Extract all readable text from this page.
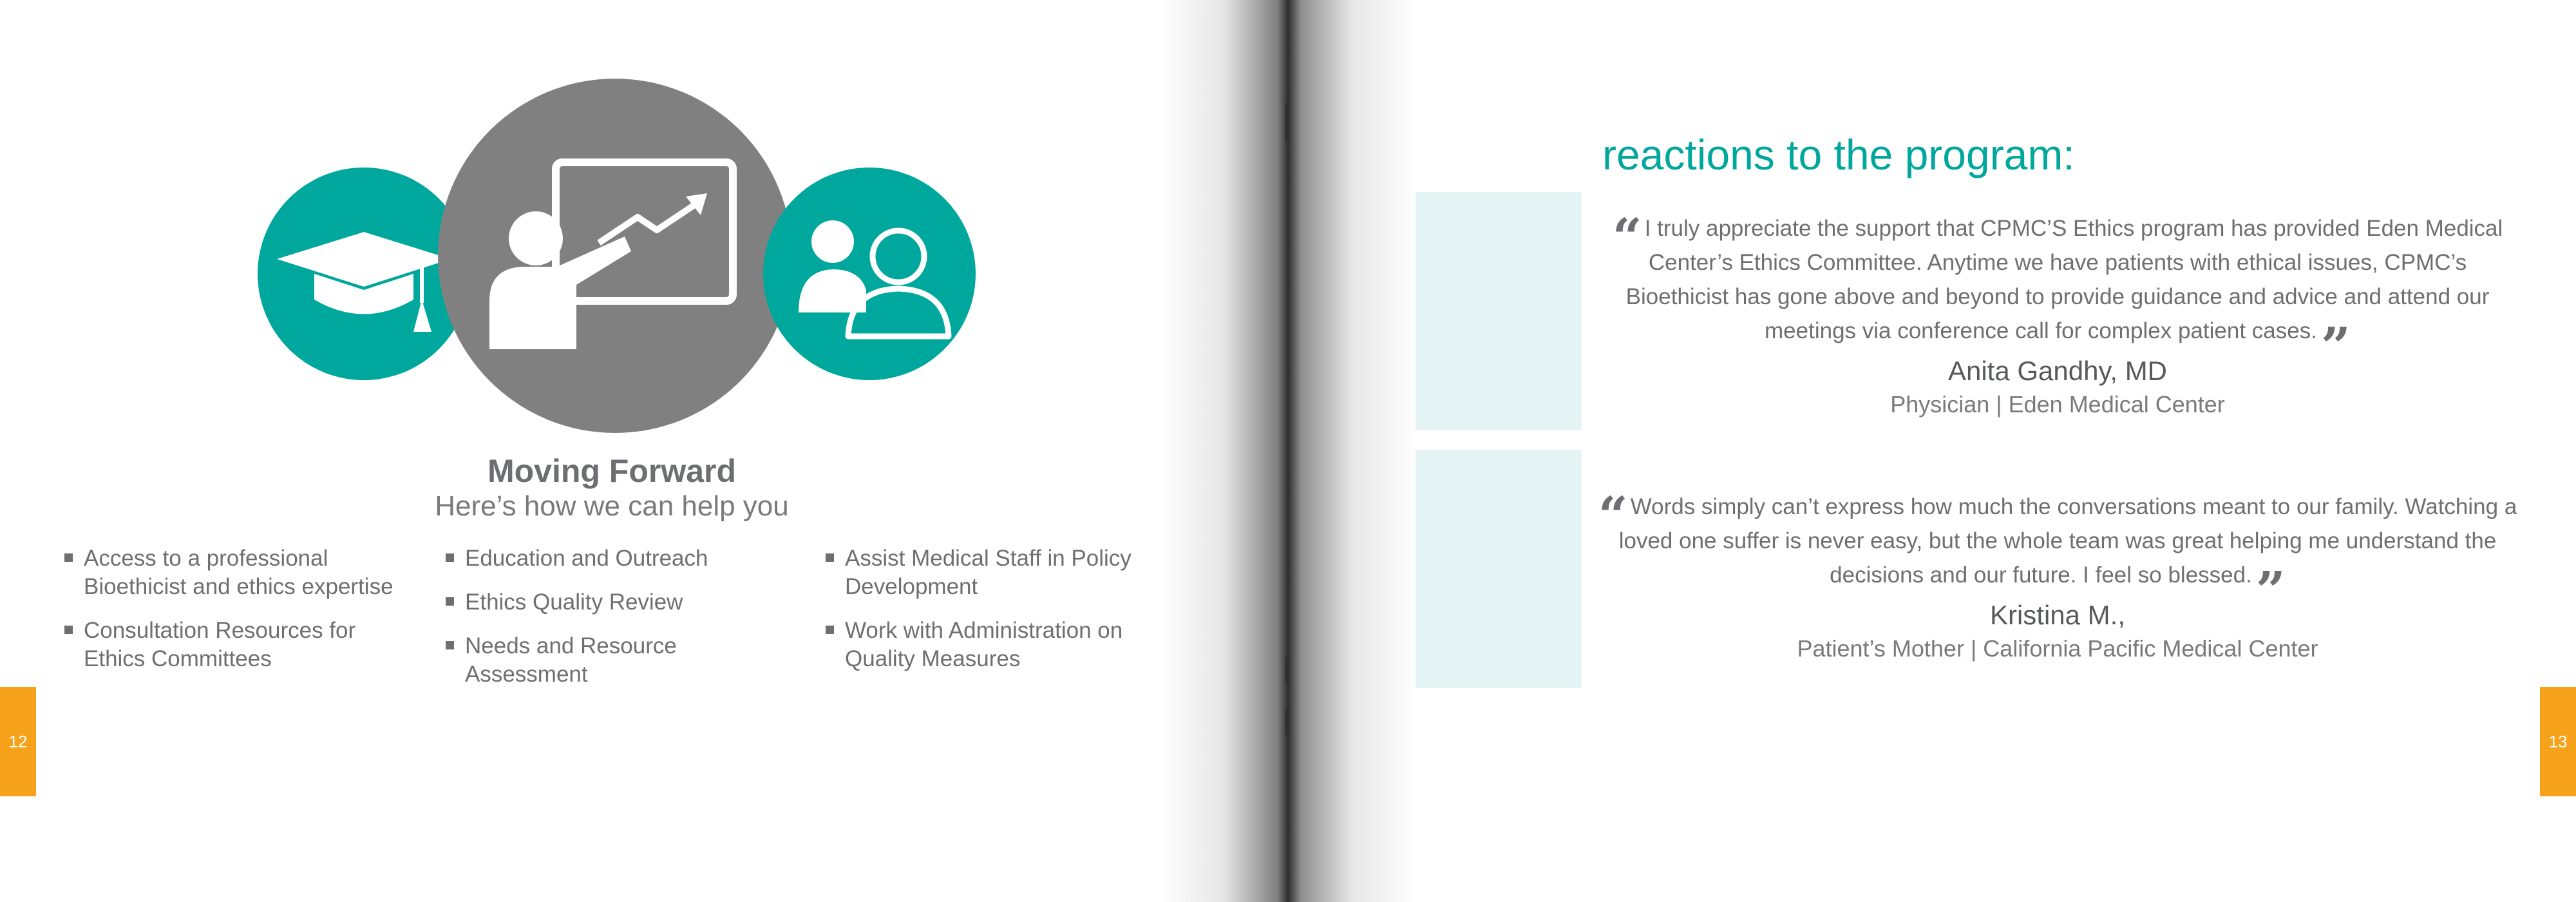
Moving Forward
Here’s how we can help you
Access to a professional Bioethicist and ethics expertise
Consultation Resources for Ethics Committees
Education and Outreach
Ethics Quality Review
Needs and Resource Assessment
Assist Medical Staff in Policy Development
Work with Administration on Quality Measures
12	13
reactions to the program:
“ I truly appreciate the support that CPMC’S Ethics program has provided Eden Medical Center’s Ethics Committee. Anytime we have patients with ethical issues, CPMC’s Bioethicist has gone above and beyond to provide guidance and advice and attend our meetings via conference call for complex patient cases.”
Anita Gandhy, MD
Physician | Eden Medical Center
“ Words simply can’t express how much the conversations meant to our family. Watching a loved one suffer is never easy, but the whole team was great helping me understand the decisions and our future. I feel so blessed.”
Kristina M.,
Patient’s Mother | California Pacific Medical Center
